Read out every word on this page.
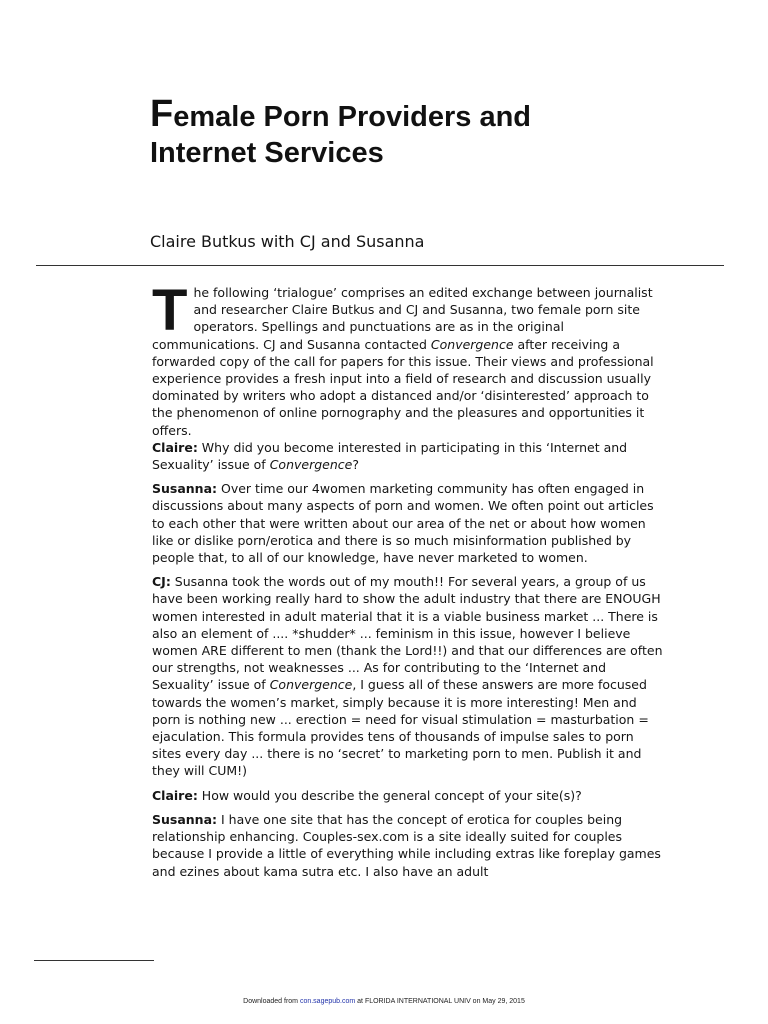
Female Porn Providers and
Internet Services

Claire Butkus with CJ and Susanna

The following ‘trialogue’ comprises an edited exchange between journalist and researcher Claire Butkus and CJ and Susanna, two female porn site operators. Spellings and punctuations are as in the original communications. CJ and Susanna contacted Convergence after receiving a forwarded copy of the call for papers for this issue. Their views and professional experience provides a fresh input into a field of research and discussion usually dominated by writers who adopt a distanced and/or ‘disinterested’ approach to the phenomenon of online pornography and the pleasures and opportunities it offers.

Claire: Why did you become interested in participating in this ‘Internet and Sexuality’ issue of Convergence?

Susanna: Over time our 4women marketing community has often engaged in discussions about many aspects of porn and women. We often point out articles to each other that were written about our area of the net or about how women like or dislike porn/erotica and there is so much misinformation published by people that, to all of our knowledge, have never marketed to women.

CJ: Susanna took the words out of my mouth!! For several years, a group of us have been working really hard to show the adult industry that there are ENOUGH women interested in adult material that it is a viable business market ... There is also an element of .... *shudder* ... feminism in this issue, however I believe women ARE different to men (thank the Lord!!) and that our differences are often our strengths, not weaknesses ... As for contributing to the ‘Internet and Sexuality’ issue of Convergence, I guess all of these answers are more focused towards the women’s market, simply because it is more interesting! Men and porn is nothing new ... erection = need for visual stimulation = masturbation = ejaculation. This formula provides tens of thousands of impulse sales to porn sites every day ... there is no ‘secret’ to marketing porn to men. Publish it and they will CUM!)

Claire: How would you describe the general concept of your site(s)?

Susanna: I have one site that has the concept of erotica for couples being relationship enhancing. Couples-sex.com is a site ideally suited for couples because I provide a little of everything while including extras like foreplay games and ezines about kama sutra etc. I also have an adult

Downloaded from con.sagepub.com at FLORIDA INTERNATIONAL UNIV on May 29, 2015
